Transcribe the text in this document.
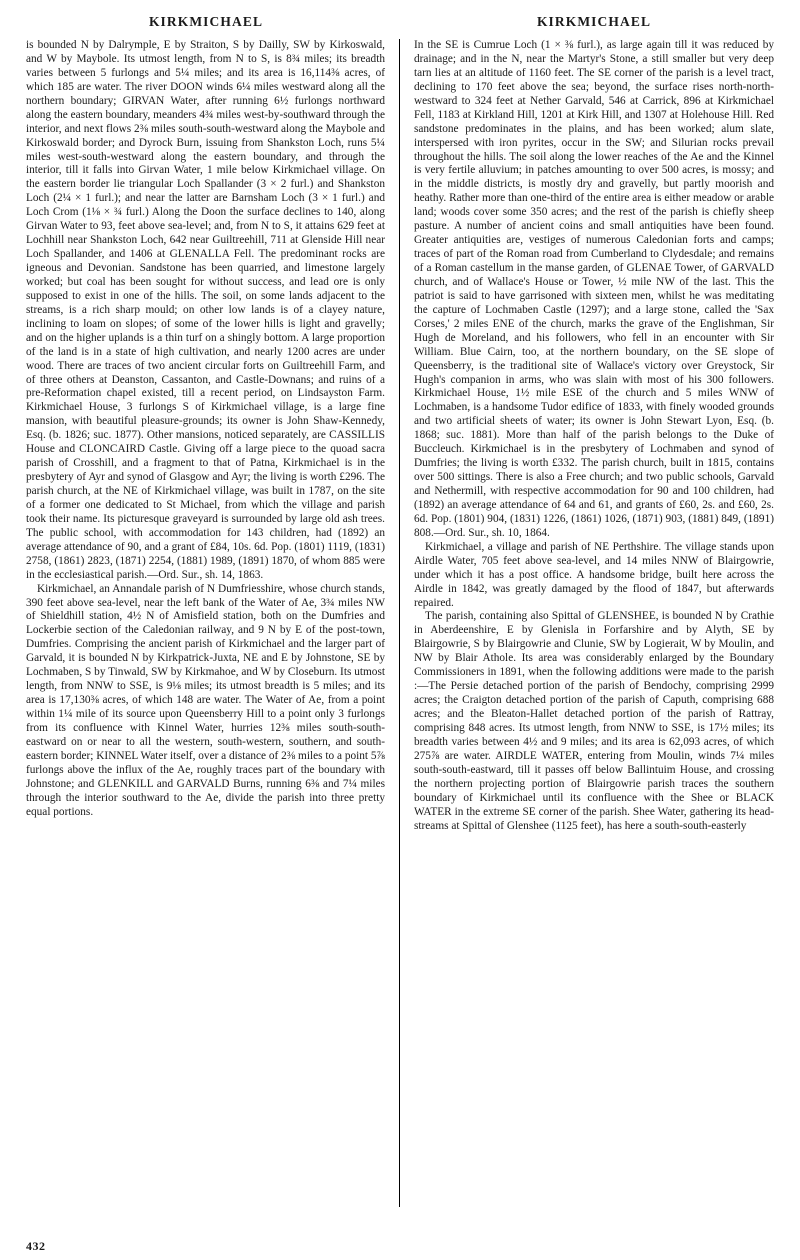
KIRKMICHAEL	KIRKMICHAEL

is bounded N by Dalrymple, E by Straiton, S by Dailly, SW by Kirkoswald, and W by Maybole. Its utmost length, from N to S, is 8¾ miles; its breadth varies between 5 furlongs and 5¼ miles; and its area is 16,114⅜ acres, of which 185 are water. The river DOON winds 6¼ miles westward along all the northern boundary; GIRVAN Water, after running 6½ furlongs northward along the eastern boundary, meanders 4¾ miles west-by-southward through the interior, and next flows 2⅜ miles south-south-westward along the Maybole and Kirkoswald border; and Dyrock Burn, issuing from Shankston Loch, runs 5¼ miles west-south-westward along the eastern boundary, and through the interior, till it falls into Girvan Water, 1 mile below Kirkmichael village. On the eastern border lie triangular Loch Spallander (3 × 2 furl.) and Shankston Loch (2¼ × 1 furl.); and near the latter are Barnsham Loch (3 × 1 furl.) and Loch Crom (1⅛ × ¾ furl.) Along the Doon the surface declines to 140, along Girvan Water to 93, feet above sea-level; and, from N to S, it attains 629 feet at Lochhill near Shankston Loch, 642 near Guiltreehill, 711 at Glenside Hill near Loch Spallander, and 1406 at GLENALLA Fell. The predominant rocks are igneous and Devonian. Sandstone has been quarried, and limestone largely worked; but coal has been sought for without success, and lead ore is only supposed to exist in one of the hills. The soil, on some lands adjacent to the streams, is a rich sharp mould; on other low lands is of a clayey nature, inclining to loam on slopes; of some of the lower hills is light and gravelly; and on the higher uplands is a thin turf on a shingly bottom. A large proportion of the land is in a state of high cultivation, and nearly 1200 acres are under wood. There are traces of two ancient circular forts on Guiltreehill Farm, and of three others at Deanston, Cassanton, and Castle-Downans; and ruins of a pre-Reformation chapel existed, till a recent period, on Lindsayston Farm. Kirkmichael House, 3 furlongs S of Kirkmichael village, is a large fine mansion, with beautiful pleasure-grounds; its owner is John Shaw-Kennedy, Esq. (b. 1826; suc. 1877). Other mansions, noticed separately, are CASSILLIS House and CLONCAIRD Castle. Giving off a large piece to the quoad sacra parish of Crosshill, and a fragment to that of Patna, Kirkmichael is in the presbytery of Ayr and synod of Glasgow and Ayr; the living is worth £296. The parish church, at the NE of Kirkmichael village, was built in 1787, on the site of a former one dedicated to St Michael, from which the village and parish took their name. Its picturesque graveyard is surrounded by large old ash trees. The public school, with accommodation for 143 children, had (1892) an average attendance of 90, and a grant of £84, 10s. 6d. Pop. (1801) 1119, (1831) 2758, (1861) 2823, (1871) 2254, (1881) 1989, (1891) 1870, of whom 885 were in the ecclesiastical parish.—Ord. Sur., sh. 14, 1863.

Kirkmichael, an Annandale parish of N Dumfriesshire, whose church stands, 390 feet above sea-level, near the left bank of the Water of Ae, 3¾ miles NW of Shieldhill station, 4½ N of Amisfield station, both on the Dumfries and Lockerbie section of the Caledonian railway, and 9 N by E of the post-town, Dumfries. Comprising the ancient parish of Kirkmichael and the larger part of Garvald, it is bounded N by Kirkpatrick-Juxta, NE and E by Johnstone, SE by Lochmaben, S by Tinwald, SW by Kirkmahoe, and W by Closeburn. Its utmost length, from NNW to SSE, is 9⅛ miles; its utmost breadth is 5 miles; and its area is 17,130⅜ acres, of which 148 are water. The Water of Ae, from a point within 1¼ mile of its source upon Queensberry Hill to a point only 3 furlongs from its confluence with Kinnel Water, hurries 12⅜ miles south-south-eastward on or near to all the western, south-western, southern, and south-eastern border; KINNEL Water itself, over a distance of 2⅜ miles to a point 5⅞ furlongs above the influx of the Ae, roughly traces part of the boundary with Johnstone; and GLENKILL and GARVALD Burns, running 6⅜ and 7¼ miles through the interior southward to the Ae, divide the parish into three pretty equal portions.

In the SE is Cumrue Loch (1 × ⅜ furl.), as large again till it was reduced by drainage; and in the N, near the Martyr's Stone, a still smaller but very deep tarn lies at an altitude of 1160 feet. The SE corner of the parish is a level tract, declining to 170 feet above the sea; beyond, the surface rises north-north-westward to 324 feet at Nether Garvald, 546 at Carrick, 896 at Kirkmichael Fell, 1183 at Kirkland Hill, 1201 at Kirk Hill, and 1307 at Holehouse Hill. Red sandstone predominates in the plains, and has been worked; alum slate, interspersed with iron pyrites, occur in the SW; and Silurian rocks prevail throughout the hills. The soil along the lower reaches of the Ae and the Kinnel is very fertile alluvium; in patches amounting to over 500 acres, is mossy; and in the middle districts, is mostly dry and gravelly, but partly moorish and heathy. Rather more than one-third of the entire area is either meadow or arable land; woods cover some 350 acres; and the rest of the parish is chiefly sheep pasture. A number of ancient coins and small antiquities have been found. Greater antiquities are, vestiges of numerous Caledonian forts and camps; traces of part of the Roman road from Cumberland to Clydesdale; and remains of a Roman castellum in the manse garden, of GLENAE Tower, of GARVALD church, and of Wallace's House or Tower, ½ mile NW of the last. This the patriot is said to have garrisoned with sixteen men, whilst he was meditating the capture of Lochmaben Castle (1297); and a large stone, called the 'Sax Corses,' 2 miles ENE of the church, marks the grave of the Englishman, Sir Hugh de Moreland, and his followers, who fell in an encounter with Sir William. Blue Cairn, too, at the northern boundary, on the SE slope of Queensberry, is the traditional site of Wallace's victory over Greystock, Sir Hugh's companion in arms, who was slain with most of his 300 followers. Kirkmichael House, 1½ mile ESE of the church and 5 miles WNW of Lochmaben, is a handsome Tudor edifice of 1833, with finely wooded grounds and two artificial sheets of water; its owner is John Stewart Lyon, Esq. (b. 1868; suc. 1881). More than half of the parish belongs to the Duke of Buccleuch. Kirkmichael is in the presbytery of Lochmaben and synod of Dumfries; the living is worth £332. The parish church, built in 1815, contains over 500 sittings. There is also a Free church; and two public schools, Garvald and Nethermill, with respective accommodation for 90 and 100 children, had (1892) an average attendance of 64 and 61, and grants of £60, 2s. and £60, 2s. 6d. Pop. (1801) 904, (1831) 1226, (1861) 1026, (1871) 903, (1881) 849, (1891) 808.—Ord. Sur., sh. 10, 1864.

Kirkmichael, a village and parish of NE Perthshire. The village stands upon Airdle Water, 705 feet above sea-level, and 14 miles NNW of Blairgowrie, under which it has a post office. A handsome bridge, built here across the Airdle in 1842, was greatly damaged by the flood of 1847, but afterwards repaired.

The parish, containing also Spittal of GLENSHEE, is bounded N by Crathie in Aberdeenshire, E by Glenisla in Forfarshire and by Alyth, SE by Blairgowrie, S by Blairgowrie and Clunie, SW by Logierait, W by Moulin, and NW by Blair Athole. Its area was considerably enlarged by the Boundary Commissioners in 1891, when the following additions were made to the parish :—The Persie detached portion of the parish of Bendochy, comprising 2999 acres; the Craigton detached portion of the parish of Caputh, comprising 688 acres; and the Bleaton-Hallet detached portion of the parish of Rattray, comprising 848 acres. Its utmost length, from NNW to SSE, is 17½ miles; its breadth varies between 4½ and 9 miles; and its area is 62,093 acres, of which 275⅞ are water. AIRDLE WATER, entering from Moulin, winds 7¼ miles south-south-eastward, till it passes off below Ballintuim House, and crossing the northern projecting portion of Blairgowrie parish traces the southern boundary of Kirkmichael until its confluence with the Shee or BLACK WATER in the extreme SE corner of the parish. Shee Water, gathering its head-streams at Spittal of Glenshee (1125 feet), has here a south-south-easterly

432
